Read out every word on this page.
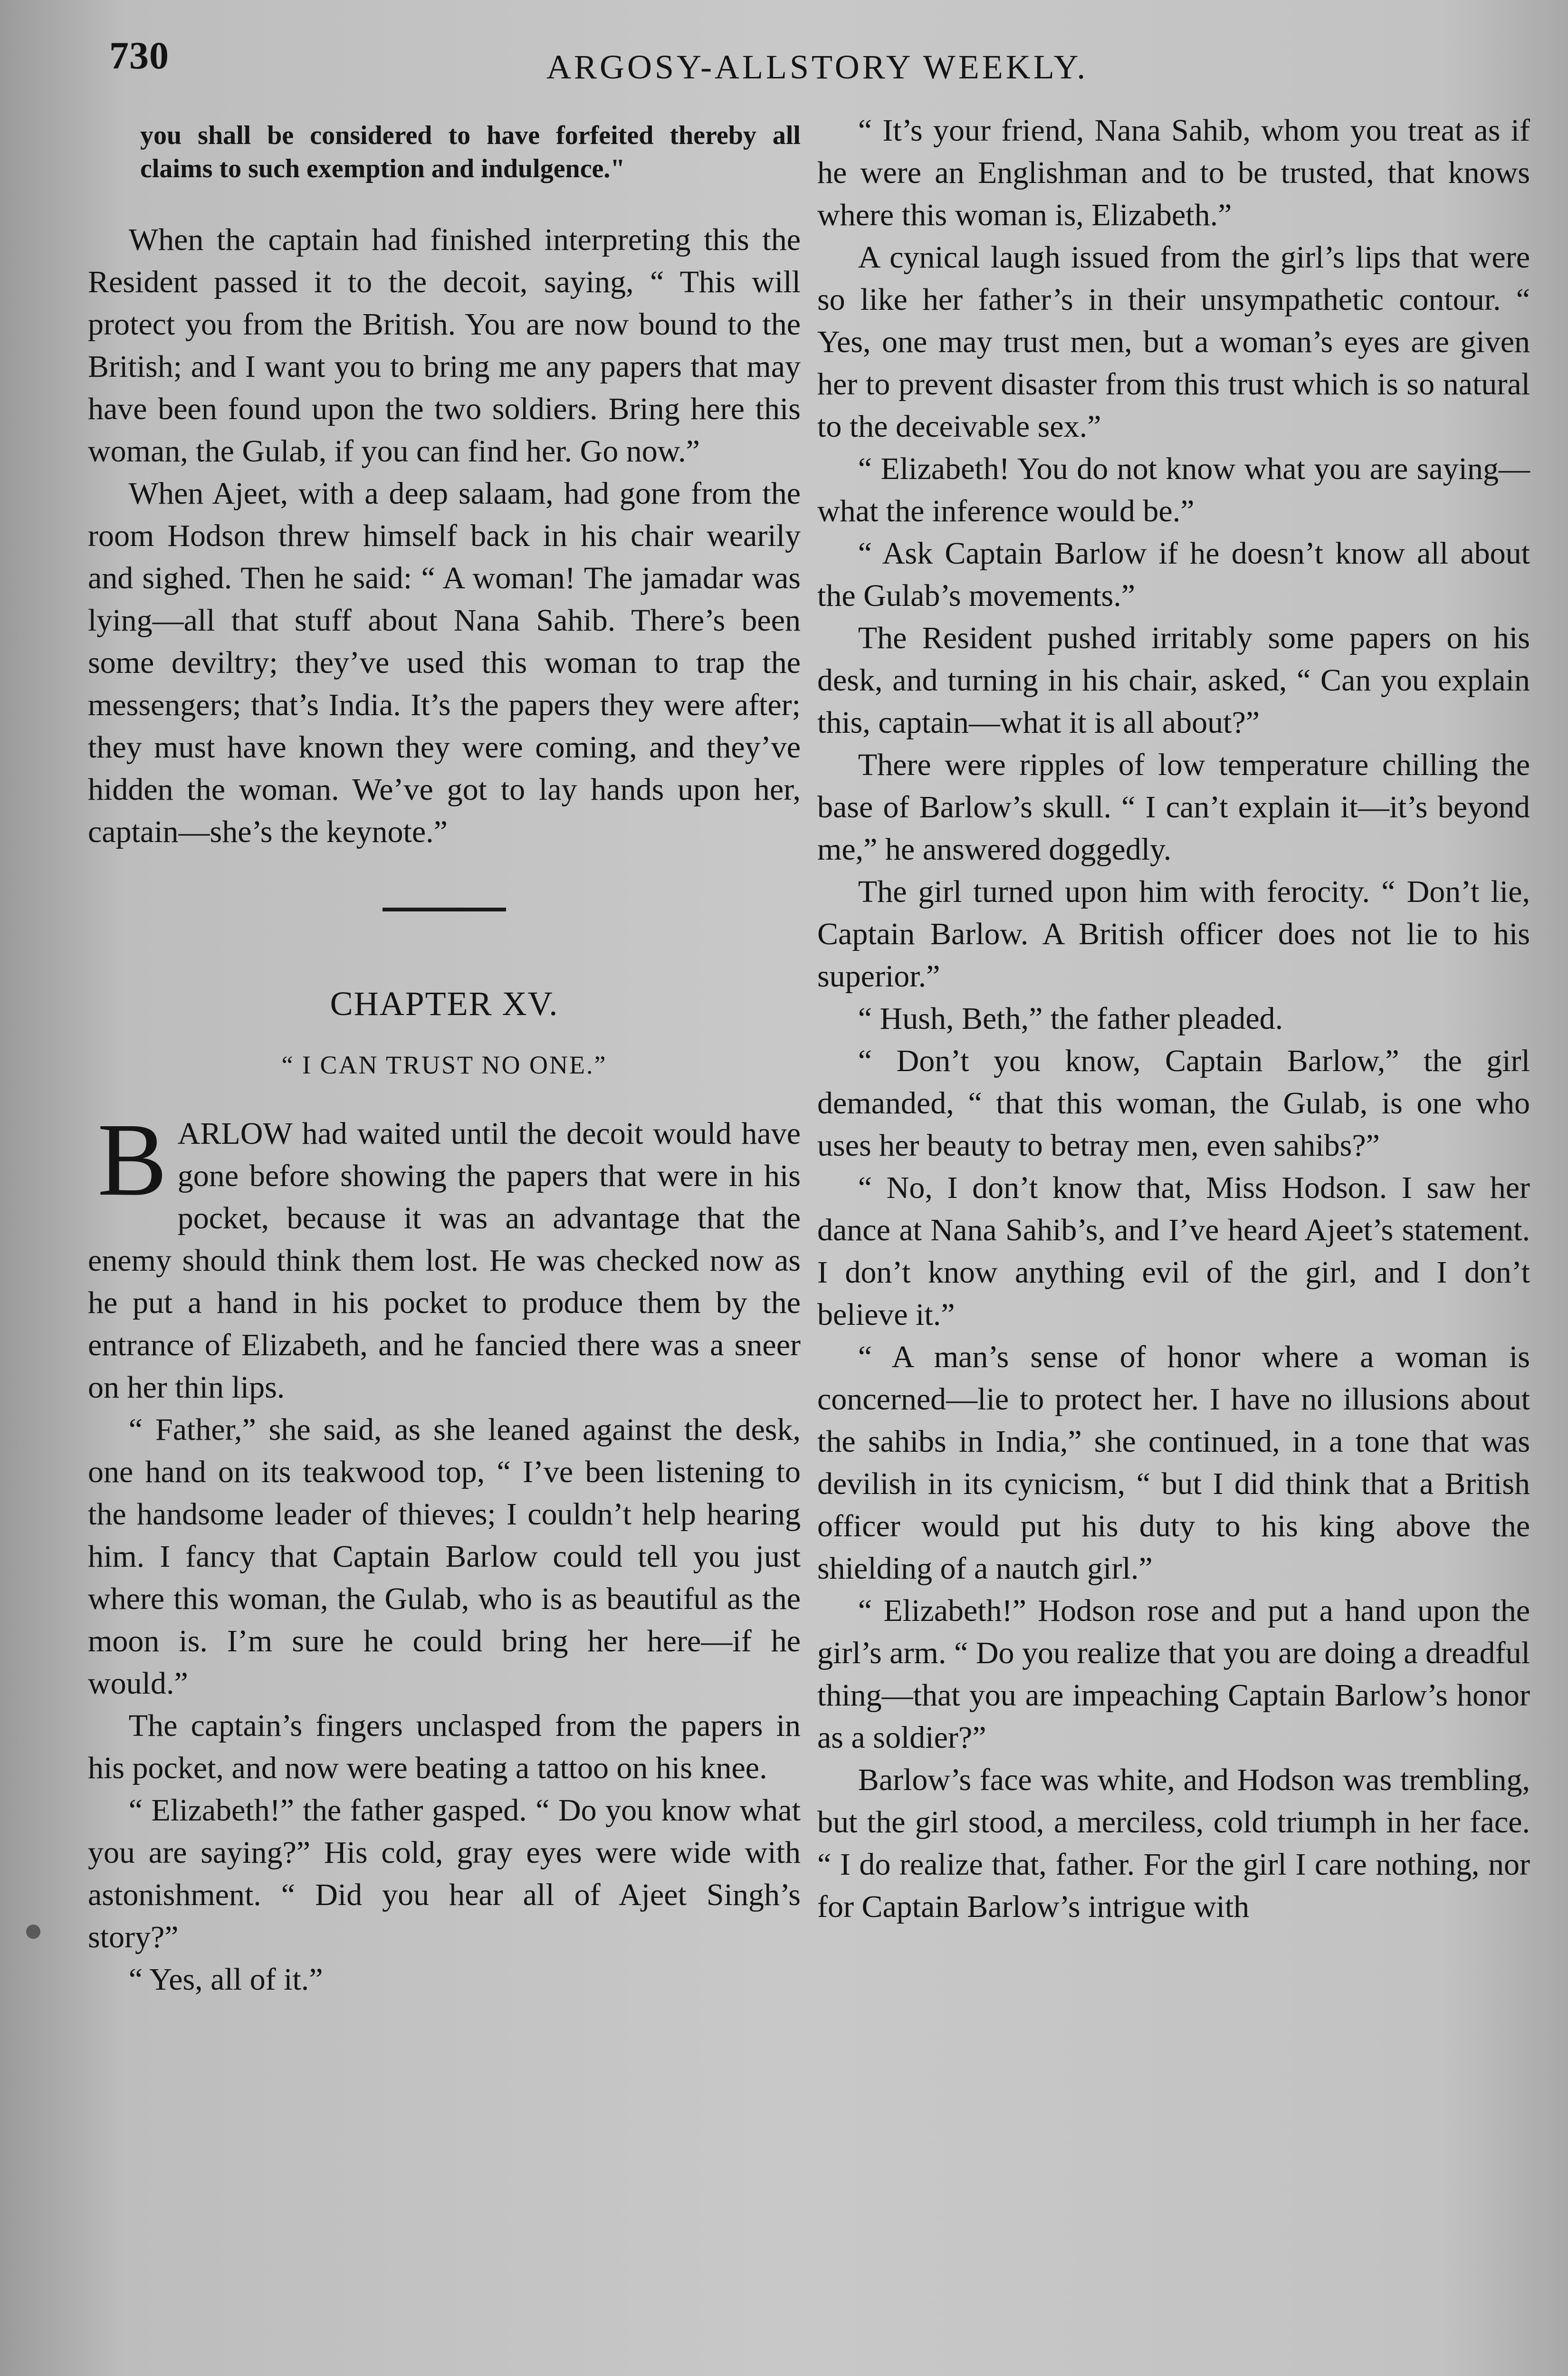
730	ARGOSY-ALLSTORY WEEKLY.

you shall be considered to have forfeited thereby all claims to such exemption and indulgence."

When the captain had finished interpreting this the Resident passed it to the decoit, saying, “ This will protect you from the British. You are now bound to the British; and I want you to bring me any papers that may have been found upon the two soldiers. Bring here this woman, the Gulab, if you can find her. Go now.”

When Ajeet, with a deep salaam, had gone from the room Hodson threw himself back in his chair wearily and sighed. Then he said: “ A woman! The jamadar was lying—all that stuff about Nana Sahib. There’s been some deviltry; they’ve used this woman to trap the messengers; that’s India. It’s the papers they were after; they must have known they were coming, and they’ve hidden the woman. We’ve got to lay hands upon her, captain—she’s the keynote.”

CHAPTER XV.
“ I CAN TRUST NO ONE.”
B ARLOW had waited until the decoit would have gone before showing the papers that were in his pocket, because it was an advantage that the enemy should think them lost. He was checked now as he put a hand in his pocket to produce them by the entrance of Elizabeth, and he fancied there was a sneer on her thin lips.

“ Father,” she said, as she leaned against the desk, one hand on its teakwood top, “ I’ve been listening to the handsome leader of thieves; I couldn’t help hearing him. I fancy that Captain Barlow could tell you just where this woman, the Gulab, who is as beautiful as the moon is. I’m sure he could bring her here—if he would.”

The captain’s fingers unclasped from the papers in his pocket, and now were beating a tattoo on his knee.

“ Elizabeth!” the father gasped. “ Do you know what you are saying?” His cold, gray eyes were wide with astonishment. “ Did you hear all of Ajeet Singh’s story?”

“ Yes, all of it.”

“ It’s your friend, Nana Sahib, whom you treat as if he were an Englishman and to be trusted, that knows where this woman is, Elizabeth.”

A cynical laugh issued from the girl’s lips that were so like her father’s in their unsympathetic contour. “ Yes, one may trust men, but a woman’s eyes are given her to prevent disaster from this trust which is so natural to the deceivable sex.”

“ Elizabeth! You do not know what you are saying—what the inference would be.”

“ Ask Captain Barlow if he doesn’t know all about the Gulab’s movements.”

The Resident pushed irritably some papers on his desk, and turning in his chair, asked, “ Can you explain this, captain—what it is all about?”

There were ripples of low temperature chilling the base of Barlow’s skull. “ I can’t explain it—it’s beyond me,” he answered doggedly.

The girl turned upon him with ferocity. “ Don’t lie, Captain Barlow. A British officer does not lie to his superior.”

“ Hush, Beth,” the father pleaded.

“ Don’t you know, Captain Barlow,” the girl demanded, “ that this woman, the Gulab, is one who uses her beauty to betray men, even sahibs?”

“ No, I don’t know that, Miss Hodson. I saw her dance at Nana Sahib’s, and I’ve heard Ajeet’s statement. I don’t know anything evil of the girl, and I don’t believe it.”

“ A man’s sense of honor where a woman is concerned—lie to protect her. I have no illusions about the sahibs in India,” she continued, in a tone that was devilish in its cynicism, “ but I did think that a British officer would put his duty to his king above the shielding of a nautch girl.”

“ Elizabeth!” Hodson rose and put a hand upon the girl’s arm. “ Do you realize that you are doing a dreadful thing—that you are impeaching Captain Barlow’s honor as a soldier?”

Barlow’s face was white, and Hodson was trembling, but the girl stood, a merciless, cold triumph in her face. “ I do realize that, father. For the girl I care nothing, nor for Captain Barlow’s intrigue with
